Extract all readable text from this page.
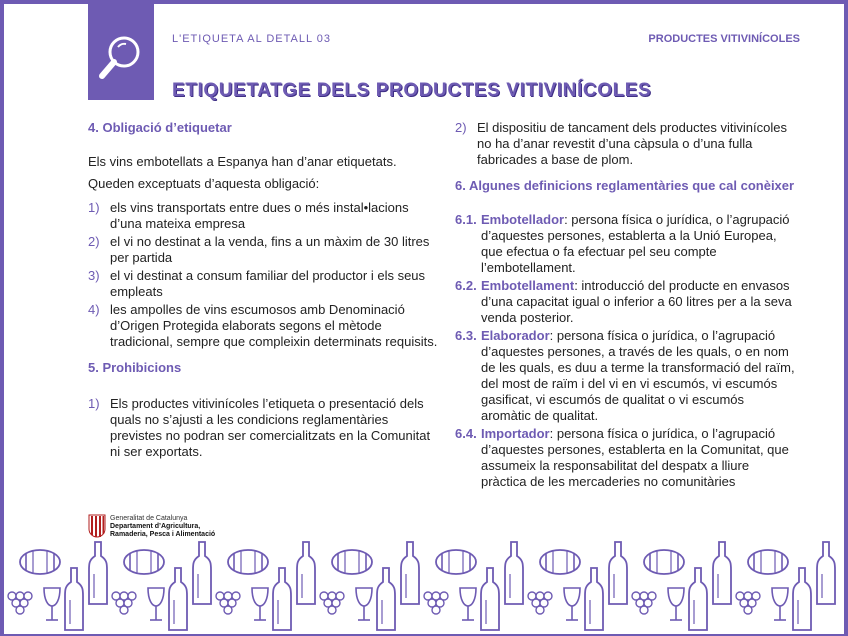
L'ETIQUETA AL DETALL 03	PRODUCTES VITIVINÍCOLES
ETIQUETATGE DELS PRODUCTES VITIVINÍCOLES
4. Obligació d’etiquetar

Els vins embotellats a Espanya han d’anar etiquetats.

Queden exceptuats d’aquesta obligació:

1) els vins transportats entre dues o més instal•lacions d’una mateixa empresa
2) el vi no destinat a la venda, fins a un màxim de 30 litres per partida
3) el vi destinat a consum familiar del productor i els seus empleats
4) les ampolles de vins escumosos amb Denominació d’Origen Protegida elaborats segons el mètode tradicional, sempre que compleixin determinats requisits.
5. Prohibicions
1) Els productes vitivinícoles l’etiqueta o presentació dels quals no s’ajusti a les condicions reglamentàries previstes no podran ser comercialitzats en la Comunitat ni ser exportats.
2) El dispositiu de tancament dels productes vitivinícoles no ha d’anar revestit d’una càpsula o d’una fulla fabricades a base de plom.
6. Algunes definicions reglamentàries que cal conèixer
6.1. Embotellador: persona física o jurídica, o l’agrupació d’aquestes persones, establerta a la Unió Europea, que efectua o fa efectuar pel seu compte l’embotellament.
6.2. Embotellament: introducció del producte en envasos d’una capacitat igual o inferior a 60 litres per a la seva venda posterior.
6.3. Elaborador: persona física o jurídica, o l’agrupació d’aquestes persones, a través de les quals, o en nom de les quals, es duu a terme la transformació del raïm, del most de raïm i del vi en vi escumós, vi escumós gasificat, vi escumós de qualitat o vi escumós aromàtic de qualitat.
6.4. Importador: persona física o jurídica, o l’agrupació d’aquestes persones, establerta en la Comunitat, que assumeix la responsabilitat del despatx a lliure pràctica de les mercaderies no comunitàries
Generalitat de Catalunya
Departament d’Agricultura,
Ramaderia, Pesca i Alimentació
